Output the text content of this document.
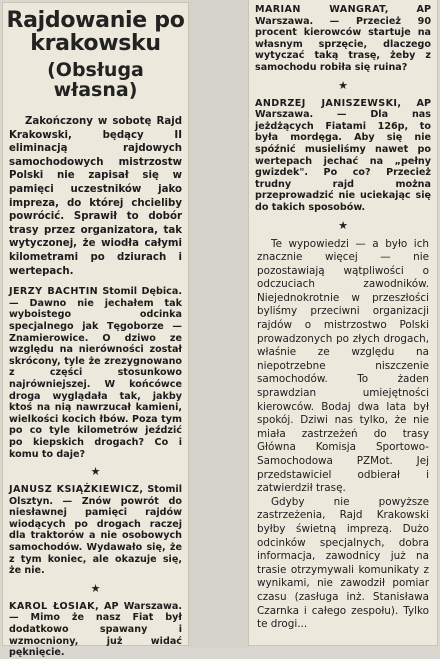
Rajdowanie po krakowsku
(Obsługa własna)
Zakończony w sobotę Rajd Krakowski, będący II eliminacją rajdowych samochodowych mistrzostw Polski nie zapisał się w pamięci uczestników jako impreza, do której chcieliby powrócić. Sprawił to dobór trasy przez organizatora, tak wytyczonej, że wiodła całymi kilometrami po dziurach i wertepach.
JERZY BACHTIN Stomil Dębica. — Dawno nie jechałem tak wyboistego odcinka specjalnego jak Tęgoborze — Znamierowice. O dziwo ze względu na nierówności został skrócony, tyle że zrezygnowano z części stosunkowo najrówniejszej. W końcówce droga wyglądała tak, jakby ktoś na nią nawrzucał kamieni, wielkości kocich łbów. Poza tym po co tyle kilometrów jeździć po kiepskich drogach? Co i komu to daje?
★
JANUSZ KSIĄŻKIEWICZ, Stomil Olsztyn. — Znów powrót do niesławnej pamięci rajdów wiodących po drogach raczej dla traktorów a nie osobowych samochodów. Wydawało się, że z tym koniec, ale okazuje się, że nie.
★
KAROL ŁOSIAK, AP Warszawa. — Mimo że nasz Fiat był dodatkowo spawany i wzmocniony, już widać pęknięcie.
MARIAN WANGRAT,	AP Warszawa. — Przecież 90 procent kierowców startuje na własnym sprzęcie, dlaczego wytyczać taką trasę, żeby z samochodu robiła się ruina?
★
ANDRZEJ JANISZEWSKI, AP Warszawa. — Dla nas jeżdżących Fiatami 126p, to była mordęga. Aby się nie spóźnić musieliśmy nawet po wertepach jechać na „pełny gwizdek". Po co? Przecież trudny rajd można przeprowadzić nie uciekając się do takich sposobów.
★
Te wypowiedzi — a było ich znacznie więcej — nie pozostawiają wątpliwości o odczuciach zawodników. Niejednokrotnie w przeszłości byliśmy przeciwni organizacji rajdów o mistrzostwo Polski prowadzonych po złych drogach, właśnie ze względu na niepotrzebne niszczenie samochodów. To żaden sprawdzian umiejętności kierowców. Bodaj dwa lata był spokój. Dziwi nas tylko, że nie miała zastrzeżeń do trasy Główna Komisja Sportowo-Samochodowa PZMot. Jej przedstawiciel odbierał i zatwierdził trasę.
Gdyby nie powyższe zastrzeżenia, Rajd Krakowski byłby świetną imprezą. Dużo odcinków specjalnych, dobra informacja, zawodnicy już na trasie otrzymywali komunikaty z wynikami, nie zawodził pomiar czasu (zasługa inż. Stanisława Czarnka i całego zespołu). Tylko te drogi...
